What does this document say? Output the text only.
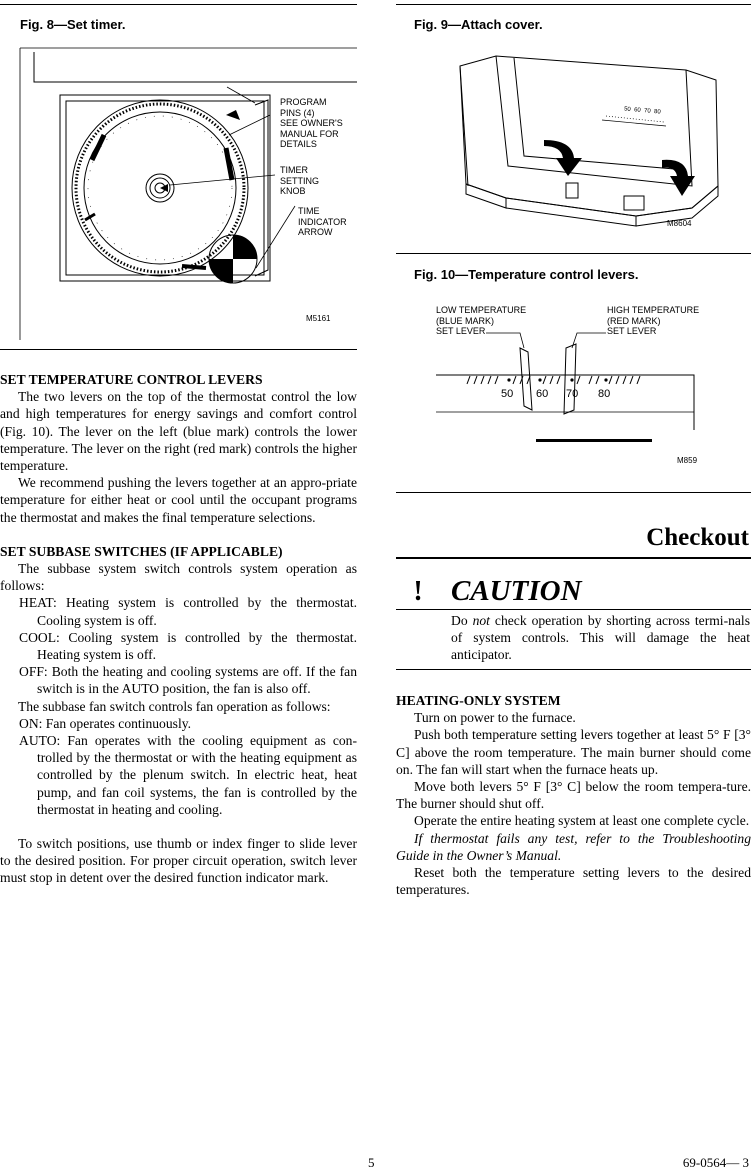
Fig. 8—Set timer.
PROGRAM
PINS (4)
SEE OWNER'S
MANUAL FOR
DETAILS
TIMER
SETTING
KNOB
TIME
INDICATOR
ARROW
M5161

SET TEMPERATURE CONTROL LEVERS

The two levers on the top of the thermostat control the low and high temperatures for energy savings and comfort control (Fig. 10). The lever on the left (blue mark) controls the lower temperature. The lever on the right (red mark) controls the higher temperature.

We recommend pushing the levers together at an appro-priate temperature for either heat or cool until the occupant programs the thermostat and makes the final temperature selections.

SET SUBBASE SWITCHES (IF APPLICABLE)

The subbase system switch controls system operation as follows:

HEAT: Heating system is controlled by the thermostat. Cooling system is off.

COOL: Cooling system is controlled by the thermostat. Heating system is off.

OFF: Both the heating and cooling systems are off. If the fan switch is in the AUTO position, the fan is also off.

The subbase fan switch controls fan operation as follows:

ON: Fan operates continuously.

AUTO: Fan operates with the cooling equipment as con-trolled by the thermostat or with the heating equipment as controlled by the plenum switch. In electric heat, heat pump, and fan coil systems, the fan is controlled by the thermostat in heating and cooling.

To switch positions, use thumb or index finger to slide lever to the desired position. For proper circuit operation, switch lever must stop in detent over the desired function indicator mark.

Fig. 9—Attach cover.
50  60  70  80
M8604
Fig. 10—Temperature control levers.
LOW TEMPERATURE
(BLUE MARK)
SET LEVER
HIGH TEMPERATURE
(RED MARK)
SET LEVER
50 60 70 80
M859
Checkout
! CAUTION

Do not check operation by shorting across termi-nals of system controls. This will damage the heat anticipator.

HEATING-ONLY SYSTEM

Turn on power to the furnace.

Push both temperature setting levers together at least 5° F [3° C] above the room temperature. The main burner should come on. The fan will start when the furnace heats up.

Move both levers 5° F [3° C] below the room tempera-ture. The burner should shut off.

Operate the entire heating system at least one complete cycle.

If thermostat fails any test, refer to the Troubleshooting Guide in the Owner’s Manual.

Reset both the temperature setting levers to the desired temperatures.

5	69-0564— 3
